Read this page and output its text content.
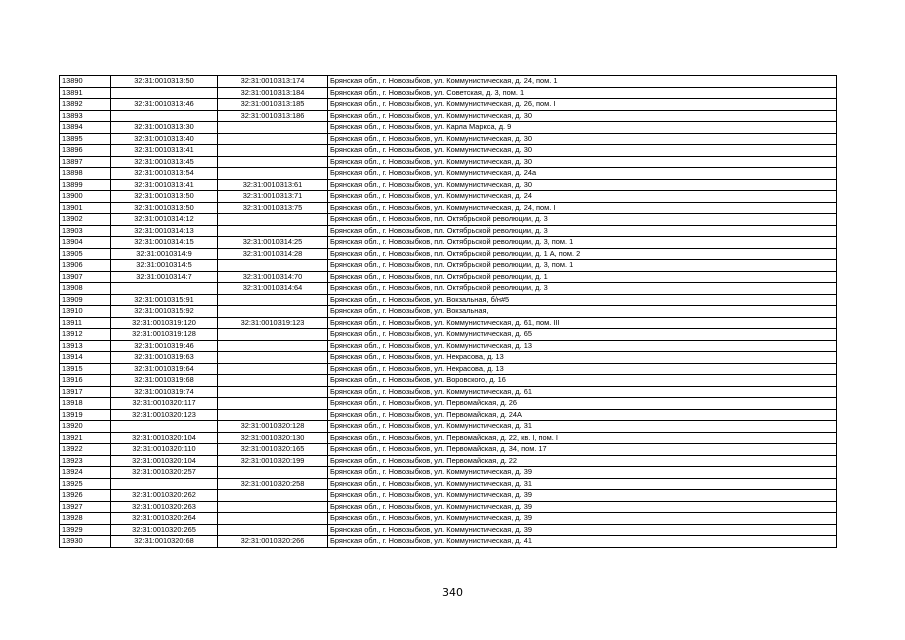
13890	32:31:0010313:50	32:31:0010313:174	Брянская обл., г. Новозыбков, ул. Коммунистическая, д. 24, пом. 1
13891		32:31:0010313:184	Брянская обл., г. Новозыбков, ул. Советская, д. 3, пом. 1
13892	32:31:0010313:46	32:31:0010313:185	Брянская обл., г. Новозыбков, ул. Коммунистическая, д. 26, пом. I
13893		32:31:0010313:186	Брянская обл., г. Новозыбков, ул. Коммунистическая, д. 30
13894	32:31:0010313:30		Брянская обл., г. Новозыбков, ул. Карла Маркса, д. 9
13895	32:31:0010313:40		Брянская обл., г. Новозыбков, ул. Коммунистическая, д. 30
13896	32:31:0010313:41		Брянская обл., г. Новозыбков, ул. Коммунистическая, д. 30
13897	32:31:0010313:45		Брянская обл., г. Новозыбков, ул. Коммунистическая, д. 30
13898	32:31:0010313:54		Брянская обл., г. Новозыбков, ул. Коммунистическая, д. 24а
13899	32:31:0010313:41	32:31:0010313:61	Брянская обл., г. Новозыбков, ул. Коммунистическая, д. 30
13900	32:31:0010313:50	32:31:0010313:71	Брянская обл., г. Новозыбков, ул. Коммунистическая, д. 24
13901	32:31:0010313:50	32:31:0010313:75	Брянская обл., г. Новозыбков, ул. Коммунистическая, д. 24, пом. I
13902	32:31:0010314:12		Брянская обл., г. Новозыбков, пл. Октябрьской революции, д. 3
13903	32:31:0010314:13		Брянская обл., г. Новозыбков, пл. Октябрьской революции, д. 3
13904	32:31:0010314:15	32:31:0010314:25	Брянская обл., г. Новозыбков, пл. Октябрьской революции, д. 3, пом. 1
13905	32:31:0010314:9	32:31:0010314:28	Брянская обл., г. Новозыбков, пл. Октябрьской революции, д. 1 А, пом. 2
13906	32:31:0010314:5		Брянская обл., г. Новозыбков, пл. Октябрьской революции, д. 3, пом. 1
13907	32:31:0010314:7	32:31:0010314:70	Брянская обл., г. Новозыбков, пл. Октябрьской революции, д. 1
13908		32:31:0010314:64	Брянская обл., г. Новозыбков, пл. Октябрьской революции, д. 3
13909	32:31:0010315:91		Брянская обл., г. Новозыбков, ул. Вокзальная, б/н#5
13910	32:31:0010315:92		Брянская обл., г. Новозыбков, ул. Вокзальная,
13911	32:31:0010319:120	32:31:0010319:123	Брянская обл., г. Новозыбков, ул. Коммунистическая, д. 61, пом. III
13912	32:31:0010319:128		Брянская обл., г. Новозыбков, ул. Коммунистическая, д. 65
13913	32:31:0010319:46		Брянская обл., г. Новозыбков, ул. Коммунистическая, д. 13
13914	32:31:0010319:63		Брянская обл., г. Новозыбков, ул. Некрасова, д. 13
13915	32:31:0010319:64		Брянская обл., г. Новозыбков, ул. Некрасова, д. 13
13916	32:31:0010319:68		Брянская обл., г. Новозыбков, ул. Воровского, д. 16
13917	32:31:0010319:74		Брянская обл., г. Новозыбков, ул. Коммунистическая, д. 61
13918	32:31:0010320:117		Брянская обл., г. Новозыбков, ул. Первомайская, д. 26
13919	32:31:0010320:123		Брянская обл., г. Новозыбков, ул. Первомайская, д. 24А
13920		32:31:0010320:128	Брянская обл., г. Новозыбков, ул. Коммунистическая, д. 31
13921	32:31:0010320:104	32:31:0010320:130	Брянская обл., г. Новозыбков, ул. Первомайская, д. 22, кв. I, пом. I
13922	32:31:0010320:110	32:31:0010320:165	Брянская обл., г. Новозыбков, ул. Первомайская, д. 34, пом. 17
13923	32:31:0010320:104	32:31:0010320:199	Брянская обл., г. Новозыбков, ул. Первомайская, д. 22
13924	32:31:0010320:257		Брянская обл., г. Новозыбков, ул. Коммунистическая, д. 39
13925		32:31:0010320:258	Брянская обл., г. Новозыбков, ул. Коммунистическая, д. 31
13926	32:31:0010320:262		Брянская обл., г. Новозыбков, ул. Коммунистическая, д. 39
13927	32:31:0010320:263		Брянская обл., г. Новозыбков, ул. Коммунистическая, д. 39
13928	32:31:0010320:264		Брянская обл., г. Новозыбков, ул. Коммунистическая, д. 39
13929	32:31:0010320:265		Брянская обл., г. Новозыбков, ул. Коммунистическая, д. 39
13930	32:31:0010320:68	32:31:0010320:266	Брянская обл., г. Новозыбков, ул. Коммунистическая, д. 41
340
